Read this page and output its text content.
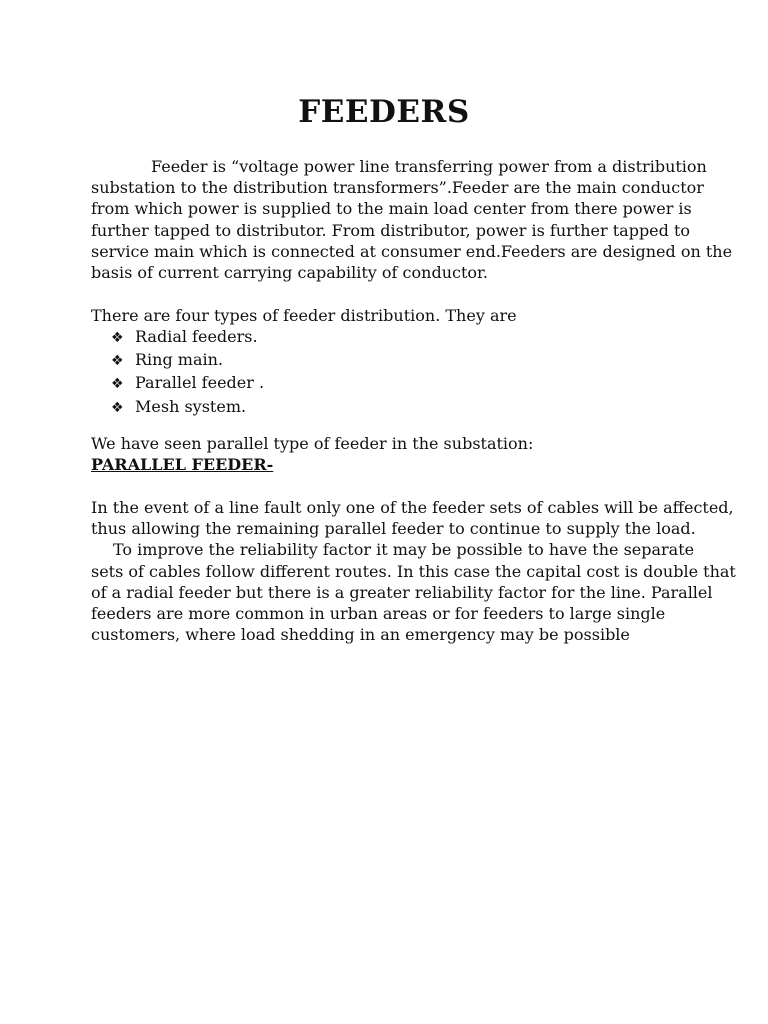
FEEDERS

Feeder is “voltage power line transferring power from a distribution
substation to the distribution transformers”.Feeder are the main conductor
from which power is supplied to the main load center from there power is
further tapped to distributor. From distributor, power is further tapped to
service main which is connected at consumer end.Feeders are designed on the
basis of current carrying capability of conductor.

There are four types of feeder distribution. They are

❖ Radial feeders.
❖ Ring main.
❖ Parallel feeder .
❖ Mesh system.

We have seen parallel type of feeder in the substation:

PARALLEL FEEDER-

In the event of a line fault only one of the feeder sets of cables will be affected,
thus allowing the remaining parallel feeder to continue to supply the load.
To improve the reliability factor it may be possible to have the separate
sets of cables follow different routes. In this case the capital cost is double that
of a radial feeder but there is a greater reliability factor for the line. Parallel
feeders are more common in urban areas or for feeders to large single
customers, where load shedding in an emergency may be possible
